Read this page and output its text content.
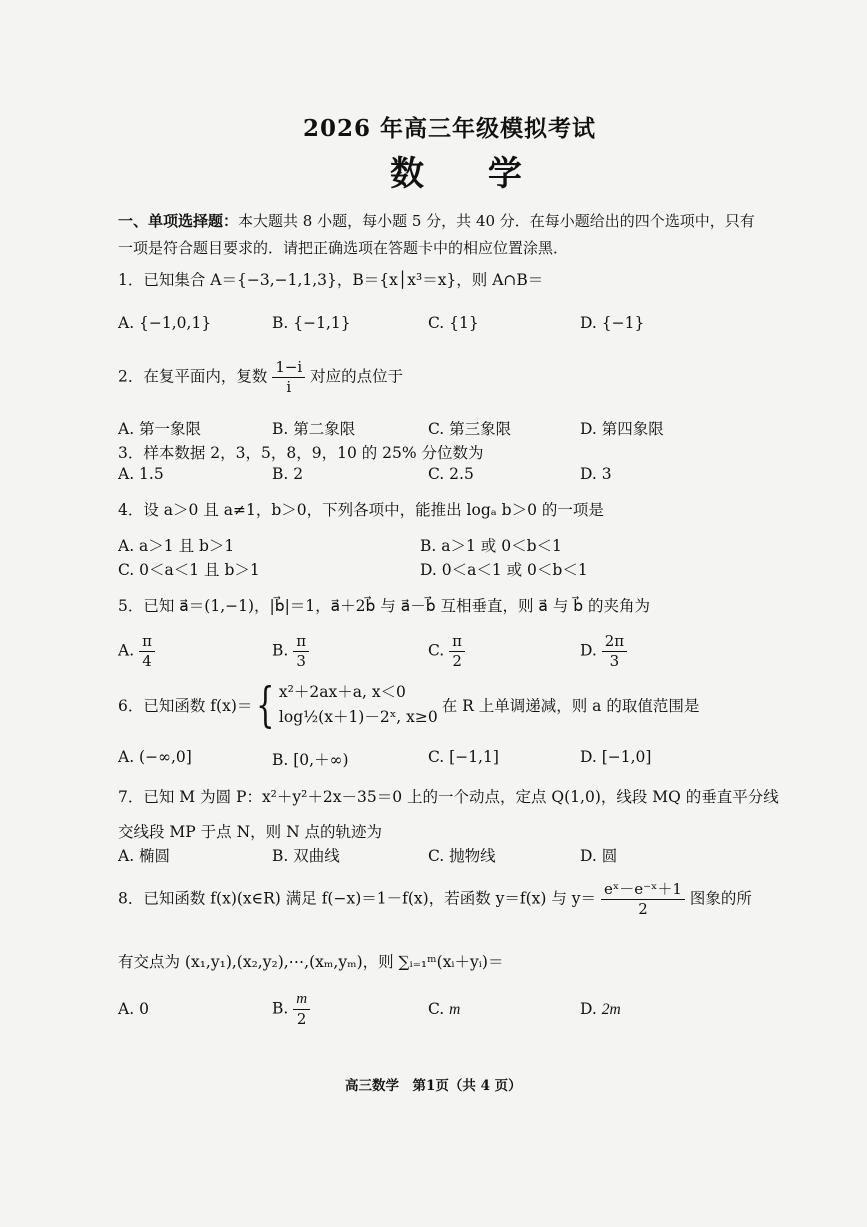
2026 年高三年级模拟考试
数 学
一、单项选择题：本大题共 8 小题，每小题 5 分，共 40 分．在每小题给出的四个选项中，只有一项是符合题目要求的．请把正确选项在答题卡中的相应位置涂黑．
1．已知集合 A＝{−3,−1,1,3}，B＝{x│x³＝x}，则 A∩B＝
A. {−1,0,1}	B. {−1,1}	C. {1}	D. {−1}
2．在复平面内，复数 $\frac{1-i}{i}$ 对应的点位于
A. 第一象限	B. 第二象限	C. 第三象限	D. 第四象限
3．样本数据 2，3，5，8，9，10 的 25% 分位数为
A. 1.5	B. 2	C. 2.5	D. 3
4．设 a＞0 且 a≠1，b＞0，下列各项中，能推出 logₐ b＞0 的一项是
A. a＞1 且 b＞1	B. a＞1 或 0＜b＜1
C. 0＜a＜1 且 b＞1	D. 0＜a＜1 或 0＜b＜1
5．已知 a⃗＝(1,−1)，|b⃗|＝1，a⃗＋2b⃗ 与 a⃗－b⃗ 互相垂直，则 a⃗ 与 b⃗ 的夹角为
A. $\frac{\pi}{4}$	B. $\frac{\pi}{3}$	C. $\frac{\pi}{2}$	D. $\frac{2\pi}{3}$
6．已知函数 f(x)＝ { x²＋2ax＋a, x＜0
log½(x＋1)－2ˣ, x≥0
在 R 上单调递减，则 a 的取值范围是
A. (−∞,0]	B. [0,＋∞)	C. [−1,1]	D. [−1,0]
7．已知 M 为圆 P：x²＋y²＋2x－35＝0 上的一个动点，定点 Q(1,0)，线段 MQ 的垂直平分线
交线段 MP 于点 N，则 N 点的轨迹为
A. 椭圆	B. 双曲线	C. 抛物线	D. 圆
8．已知函数 f(x)(x∈R) 满足 f(−x)＝1－f(x)，若函数 y＝f(x) 与 $y= \frac{\text{eˣ－e⁻ˣ＋1}}{2}$ 图象的所
有交点为 (x₁,y₁),(x₂,y₂),⋯,(xₘ,yₘ)，则 ∑ᵢ₌₁ᵐ(xᵢ＋yᵢ)＝
A. 0	B. $\frac{m}{2}$	C. m	D. 2m
高三数学　第1页（共 4 页）
